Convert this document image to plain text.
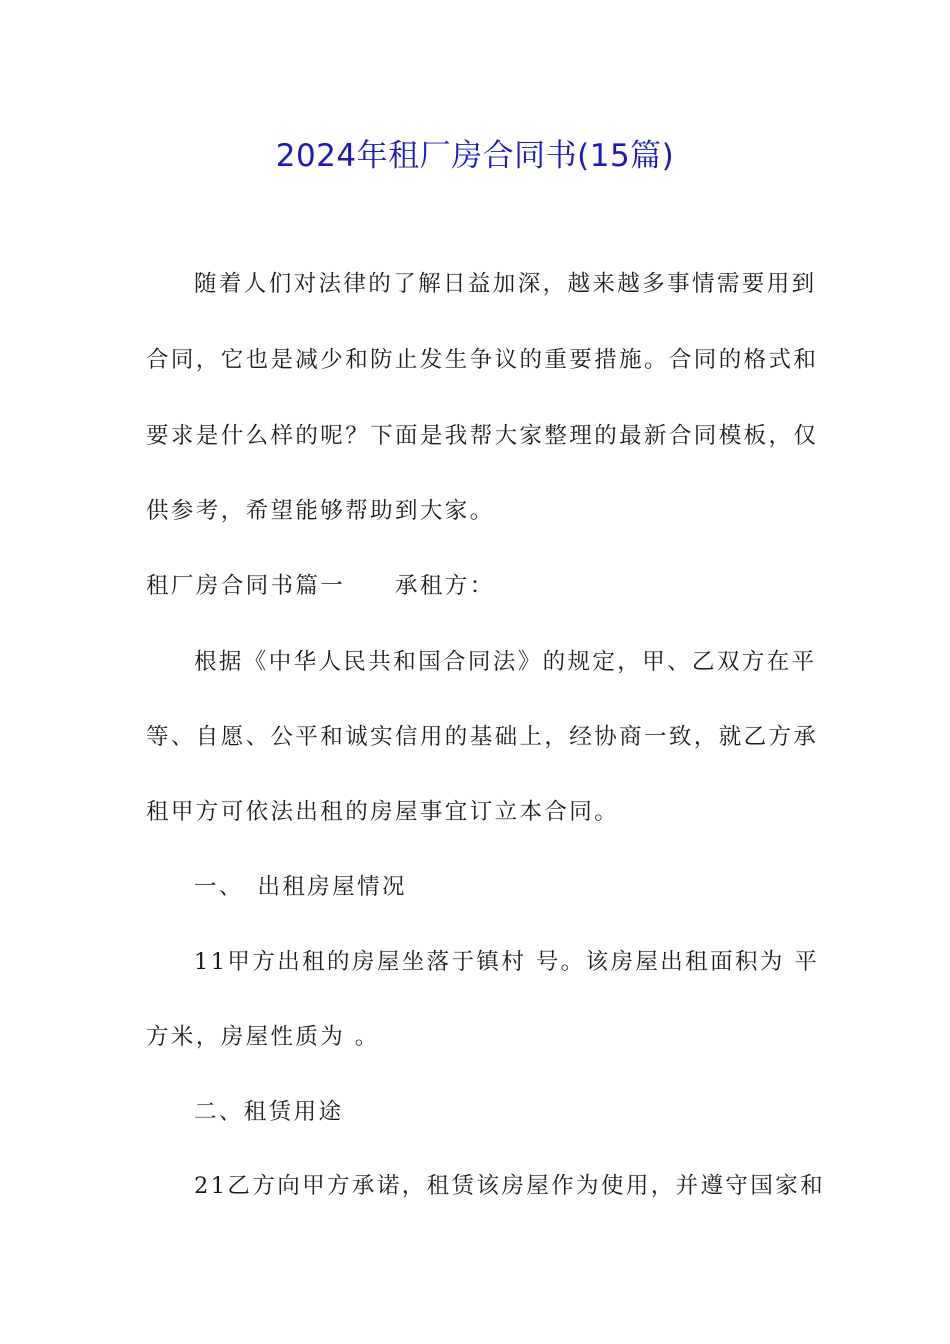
2024年租厂房合同书(15篇)
随着人们对法律的了解日益加深，越来越多事情需要用到
合同，它也是减少和防止发生争议的重要措施。合同的格式和
要求是什么样的呢？下面是我帮大家整理的最新合同模板，仅
供参考，希望能够帮助到大家。
租厂房合同书篇一　　承租方：
根据《中华人民共和国合同法》的规定，甲、乙双方在平
等、自愿、公平和诚实信用的基础上，经协商一致，就乙方承
租甲方可依法出租的房屋事宜订立本合同。
一、　出租房屋情况
11甲方出租的房屋坐落于镇村 号。该房屋出租面积为 平
方米，房屋性质为 。
二、租赁用途
21乙方向甲方承诺，租赁该房屋作为使用，并遵守国家和
